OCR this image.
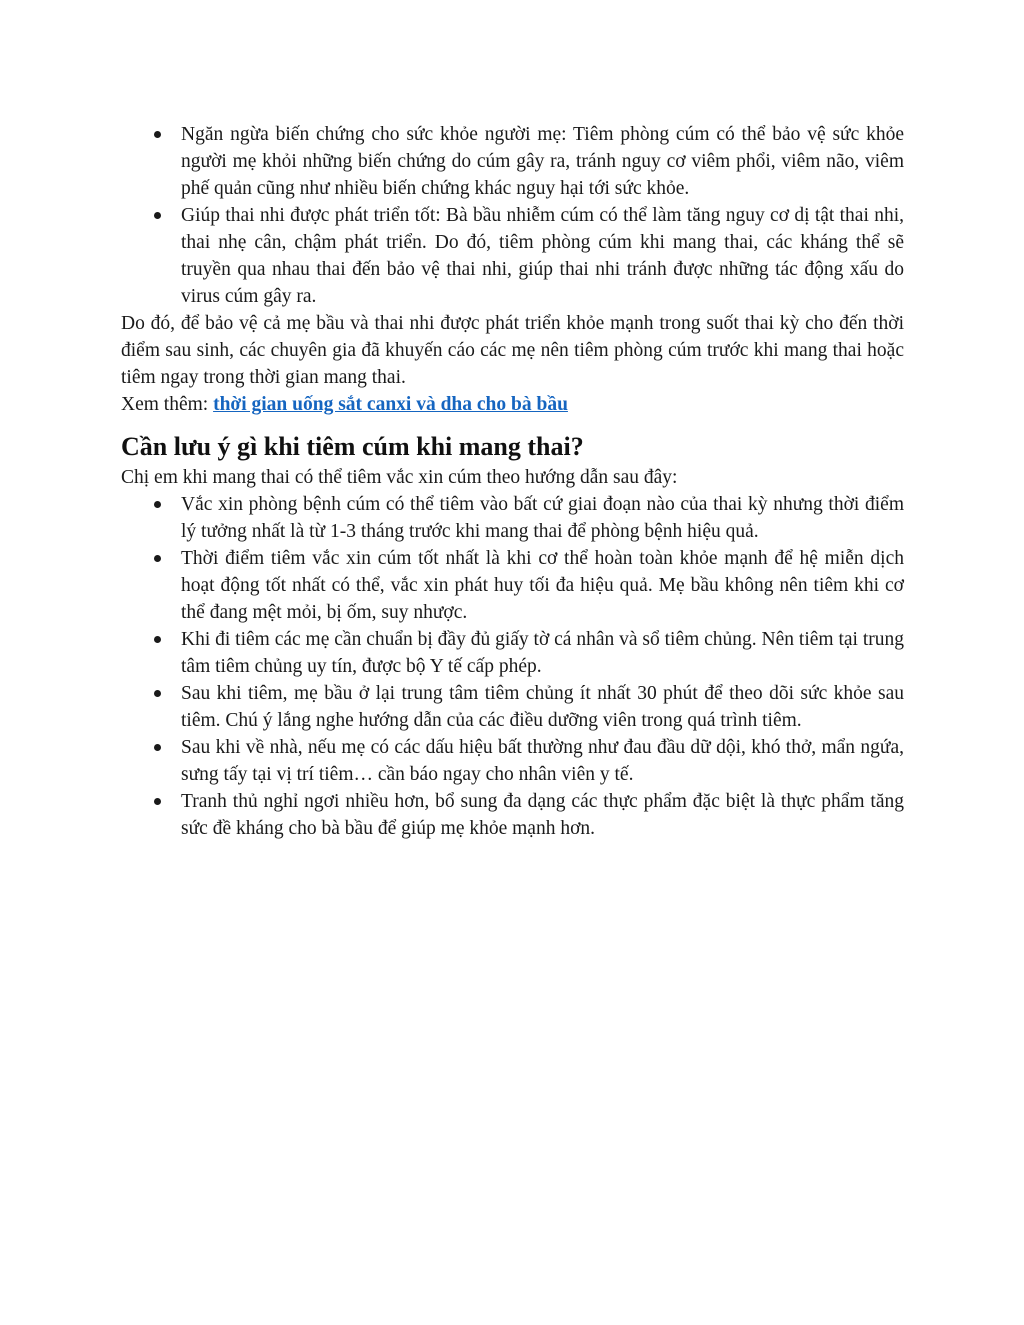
Ngăn ngừa biến chứng cho sức khỏe người mẹ: Tiêm phòng cúm có thể bảo vệ sức khỏe người mẹ khỏi những biến chứng do cúm gây ra, tránh nguy cơ viêm phổi, viêm não, viêm phế quản cũng như nhiều biến chứng khác nguy hại tới sức khỏe.
Giúp thai nhi được phát triển tốt: Bà bầu nhiễm cúm có thể làm tăng nguy cơ dị tật thai nhi, thai nhẹ cân, chậm phát triển. Do đó, tiêm phòng cúm khi mang thai, các kháng thể sẽ truyền qua nhau thai đến bảo vệ thai nhi, giúp thai nhi tránh được những tác động xấu do virus cúm gây ra.

Do đó, để bảo vệ cả mẹ bầu và thai nhi được phát triển khỏe mạnh trong suốt thai kỳ cho đến thời điểm sau sinh, các chuyên gia đã khuyến cáo các mẹ nên tiêm phòng cúm trước khi mang thai hoặc tiêm ngay trong thời gian mang thai.

Xem thêm: thời gian uống sắt canxi và dha cho bà bầu

Cần lưu ý gì khi tiêm cúm khi mang thai?

Chị em khi mang thai có thể tiêm vắc xin cúm theo hướng dẫn sau đây:

Vắc xin phòng bệnh cúm có thể tiêm vào bất cứ giai đoạn nào của thai kỳ nhưng thời điểm lý tưởng nhất là từ 1-3 tháng trước khi mang thai để phòng bệnh hiệu quả.
Thời điểm tiêm vắc xin cúm tốt nhất là khi cơ thể hoàn toàn khỏe mạnh để hệ miễn dịch hoạt động tốt nhất có thể, vắc xin phát huy tối đa hiệu quả. Mẹ bầu không nên tiêm khi cơ thể đang mệt mỏi, bị ốm, suy nhược.
Khi đi tiêm các mẹ cần chuẩn bị đầy đủ giấy tờ cá nhân và sổ tiêm chủng. Nên tiêm tại trung tâm tiêm chủng uy tín, được bộ Y tế cấp phép.
Sau khi tiêm, mẹ bầu ở lại trung tâm tiêm chủng ít nhất 30 phút để theo dõi sức khỏe sau tiêm. Chú ý lắng nghe hướng dẫn của các điều dưỡng viên trong quá trình tiêm.
Sau khi về nhà, nếu mẹ có các dấu hiệu bất thường như đau đầu dữ dội, khó thở, mẩn ngứa, sưng tấy tại vị trí tiêm… cần báo ngay cho nhân viên y tế.
Tranh thủ nghỉ ngơi nhiều hơn, bổ sung đa dạng các thực phẩm đặc biệt là thực phẩm tăng sức đề kháng cho bà bầu để giúp mẹ khỏe mạnh hơn.
